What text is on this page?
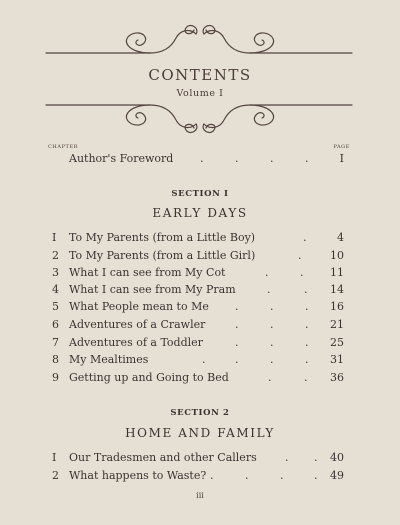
CONTENTS
Volume I
CHAPTER	PAGE
Author's Foreword .	.	.	.	I
SECTION I
EARLY DAYS
I	To My Parents (from a Little Boy)	.	4
2 To My Parents (from a Little Girl)	.	10
3 What I can see from My Cot	.	. 11
4 What I can see from My Pram	.	. 14
5 What People mean to Me .	.	. 16
6 Adventures of a Crawler	.	.	. 21
7 Adventures of a Toddler	.	.	. 25
8 My Mealtimes	.	.	.	. 31
9 Getting up and Going to Bed	.	. 36
SECTION 2
HOME AND FAMILY
I	Our Tradesmen and other Callers	. . 40
2 What happens to Waste? .	.	.	. 49
iii
